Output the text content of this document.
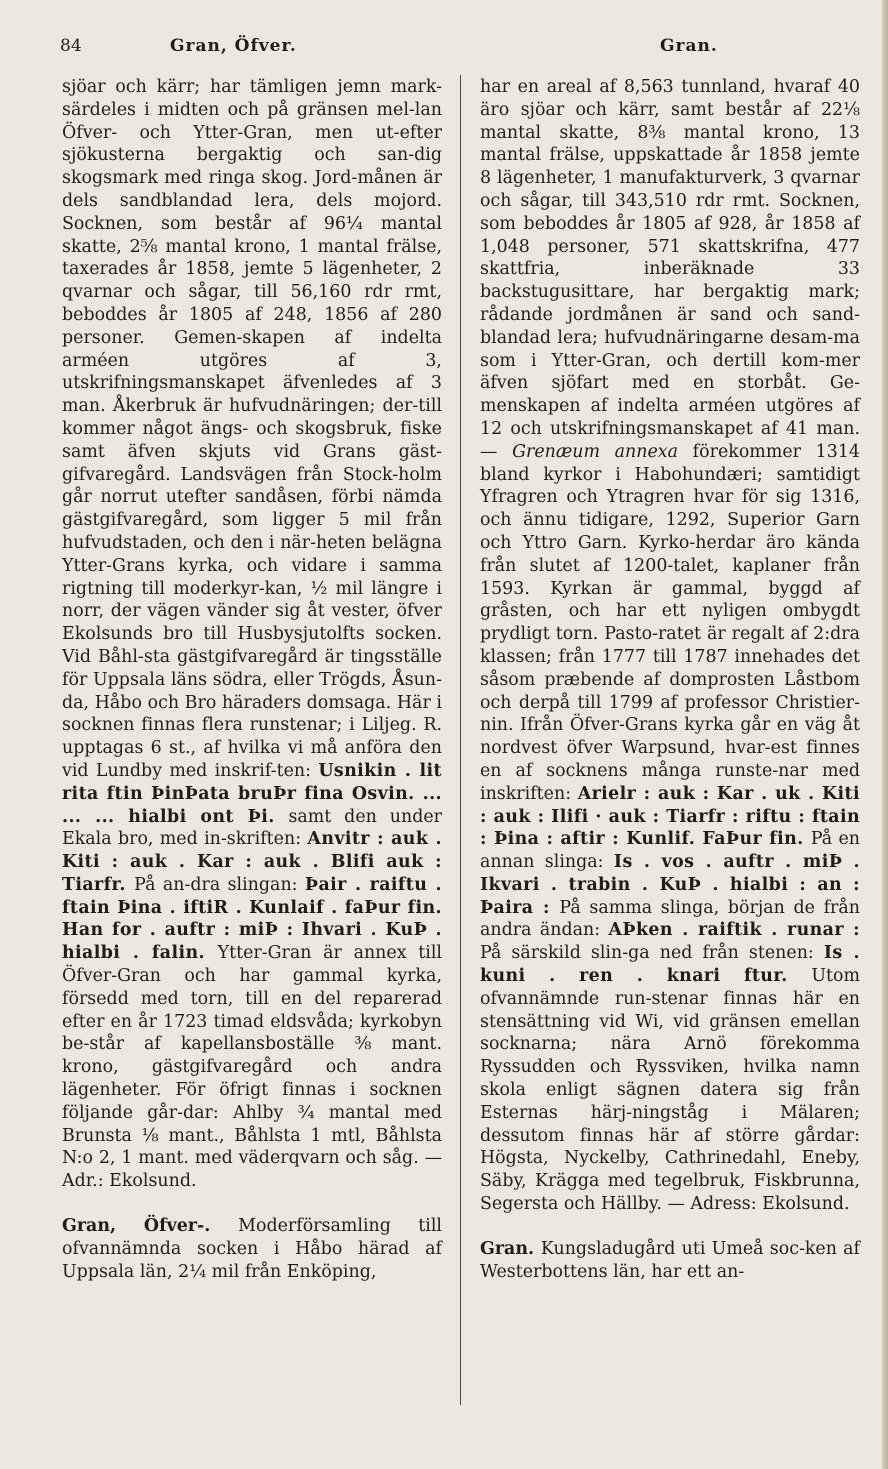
84	Gran, Öfver.	Gran.

sjöar och kärr; har tämligen jemn mark-särdeles i midten och på gränsen mel-lan Öfver- och Ytter-Gran, men ut-efter sjökusterna bergaktig och san-dig skogsmark med ringa skog. Jord-månen är dels sandblandad lera, dels mojord. Socknen, som består af 96¼ mantal skatte, 2⅝ mantal krono, 1 mantal frälse, taxerades år 1858, jemte 5 lägenheter, 2 qvarnar och sågar, till 56,160 rdr rmt, beboddes år 1805 af 248, 1856 af 280 personer. Gemen-skapen af indelta arméen utgöres af 3, utskrifningsmanskapet äfvenledes af 3 man. Åkerbruk är hufvudnäringen; der-till kommer något ängs- och skogsbruk, fiske samt äfven skjuts vid Grans gäst-gifvaregård. Landsvägen från Stock-holm går norrut utefter sandåsen, förbi nämda gästgifvaregård, som ligger 5 mil från hufvudstaden, och den i när-heten belägna Ytter-Grans kyrka, och vidare i samma rigtning till moderkyr-kan, ½ mil längre i norr, der vägen vänder sig åt vester, öfver Ekolsunds bro till Husbysjutolfts socken. Vid Båhl-sta gästgifvaregård är tingsställe för Uppsala läns södra, eller Trögds, Åsun-da, Håbo och Bro häraders domsaga. Här i socknen finnas flera runstenar; i Liljeg. R. upptagas 6 st., af hvilka vi må anföra den vid Lundby med inskrif-ten: Usnikin . lit rita ftin ÞinÞata bruÞr fina Osvin. ... ... ... hialbi ont Þi. samt den under Ekala bro, med in-skriften: Anvitr : auk . Kiti : auk . Kar : auk . Blifi auk : Tiarfr. På an-dra slingan: Þair . raiftu . ftain Þina . iftiR . Kunlaif . faÞur fin. Han for . auftr : miÞ : Ihvari . KuÞ . hialbi . falin. Ytter-Gran är annex till Öfver-Gran och har gammal kyrka, försedd med torn, till en del reparerad efter en år 1723 timad eldsvåda; kyrkobyn be-står af kapellansboställe ⅜ mant. krono, gästgifvaregård och andra lägenheter. För öfrigt finnas i socknen följande går-dar: Ahlby ¾ mantal med Brunsta ⅛ mant., Båhlsta 1 mtl, Båhlsta N:o 2, 1 mant. med väderqvarn och såg. — Adr.: Ekolsund.

Gran, Öfver-. Moderförsamling till ofvannämnda socken i Håbo härad af Uppsala län, 2¼ mil från Enköping,

har en areal af 8,563 tunnland, hvaraf 40 äro sjöar och kärr, samt består af 22⅛ mantal skatte, 8⅜ mantal krono, 13 mantal frälse, uppskattade år 1858 jemte 8 lägenheter, 1 manufakturverk, 3 qvarnar och sågar, till 343,510 rdr rmt. Socknen, som beboddes år 1805 af 928, år 1858 af 1,048 personer, 571 skattskrifna, 477 skattfria, inberäknade 33 backstugusittare, har bergaktig mark; rådande jordmånen är sand och sand-blandad lera; hufvudnäringarne desam-ma som i Ytter-Gran, och dertill kom-mer äfven sjöfart med en storbåt. Ge-menskapen af indelta arméen utgöres af 12 och utskrifningsmanskapet af 41 man. — Grenæum annexa förekommer 1314 bland kyrkor i Habohundæri; samtidigt Yfragren och Ytragren hvar för sig 1316, och ännu tidigare, 1292, Superior Garn och Yttro Garn. Kyrko-herdar äro kända från slutet af 1200-talet, kaplaner från 1593. Kyrkan är gammal, byggd af gråsten, och har ett nyligen ombygdt prydligt torn. Pasto-ratet är regalt af 2:dra klassen; från 1777 till 1787 innehades det såsom præbende af domprosten Låstbom och derpå till 1799 af professor Christier-nin. Ifrån Öfver-Grans kyrka går en väg åt nordvest öfver Warpsund, hvar-est finnes en af socknens många runste-nar med inskriften: Arielr : auk : Kar . uk . Kiti : auk : Ilifi · auk : Tiarfr : riftu : ftain : Þina : aftir : Kunlif. FaÞur fin. På en annan slinga: Is . vos . auftr . miÞ . Ikvari . trabin . KuÞ . hialbi : an : Þaira : På samma slinga, början de från andra ändan: AÞken . raiftik . runar : På särskild slin-ga ned från stenen: Is . kuni . ren . knari ftur. Utom ofvannämnde run-stenar finnas här en stensättning vid Wi, vid gränsen emellan socknarna; nära Arnö förekomma Ryssudden och Ryssviken, hvilka namn skola enligt sägnen datera sig från Esternas härj-ningståg i Mälaren; dessutom finnas här af större gårdar: Högsta, Nyckelby, Cathrinedahl, Eneby, Säby, Krägga med tegelbruk, Fiskbrunna, Segersta och Hällby. — Adress: Ekolsund.

Gran. Kungsladugård uti Umeå soc-ken af Westerbottens län, har ett an-
